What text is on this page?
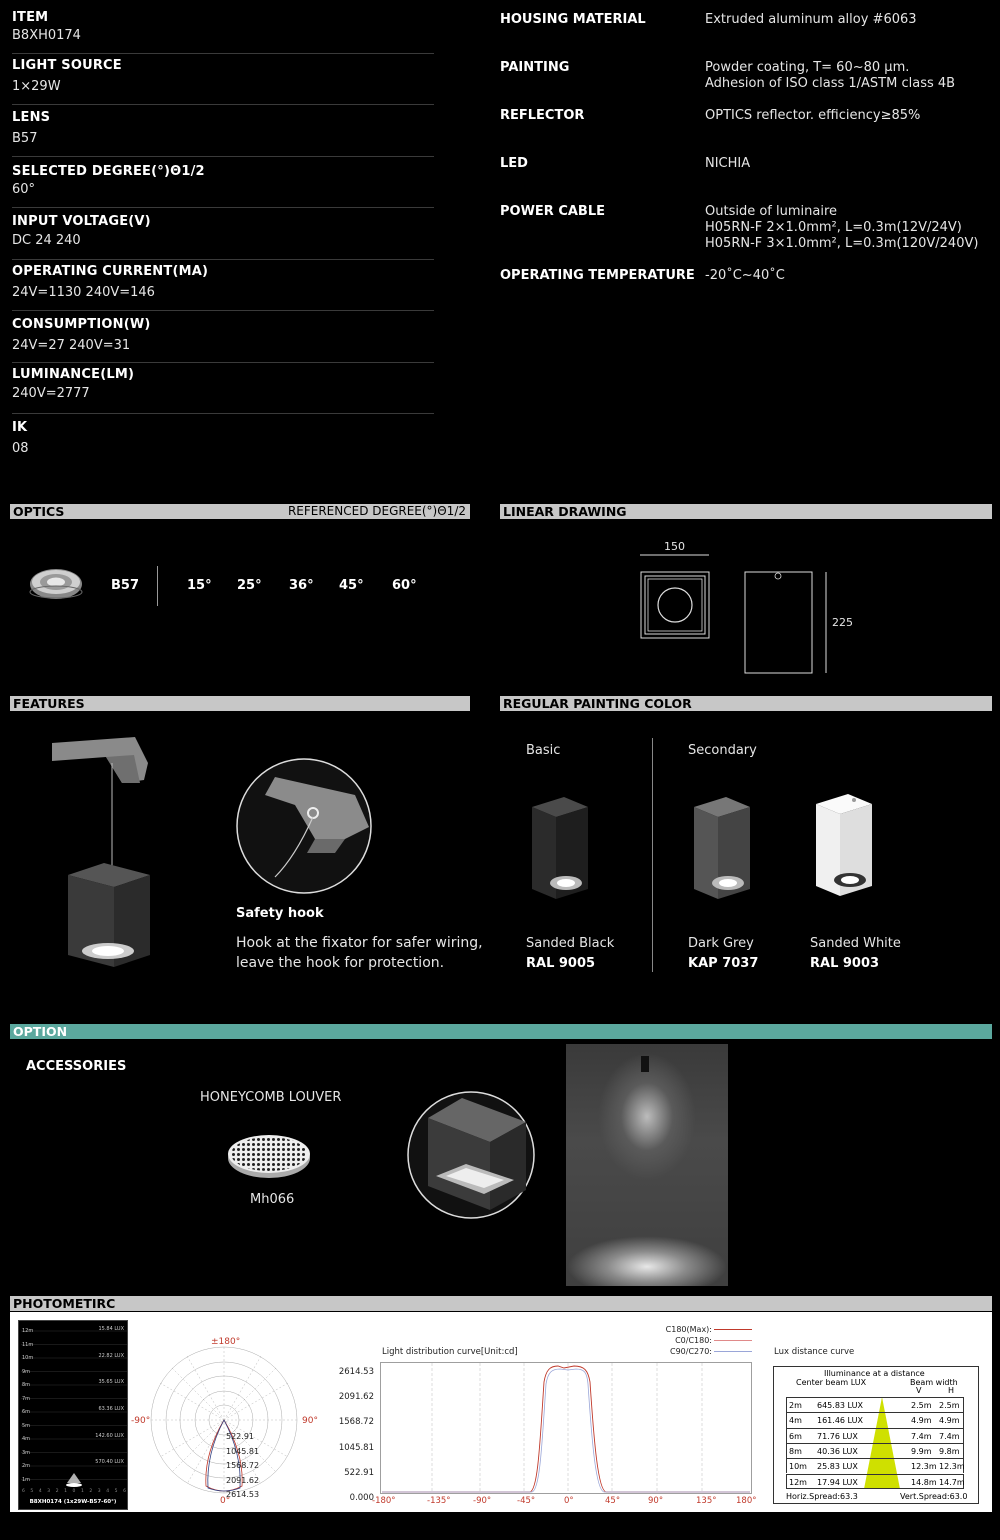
ITEM
B8XH0174
LIGHT SOURCE
1×29W
LENS
B57
SELECTED DEGREE(°)Θ1/2
60°
INPUT VOLTAGE(V)
DC 24 240
OPERATING CURRENT(MA)
24V=1130 240V=146
CONSUMPTION(W)
24V=27 240V=31
LUMINANCE(LM)
240V=2777
IK
08
HOUSING MATERIAL	Extruded aluminum alloy #6063
PAINTING	Powder coating, T= 60~80 μm.
Adhesion of ISO class 1/ASTM class 4B
REFLECTOR	OPTICS reflector. efficiency≥85%
LED	NICHIA
POWER CABLE	Outside of luminaire
H05RN-F 2×1.0mm², L=0.3m(12V/24V)
H05RN-F 3×1.0mm², L=0.3m(120V/240V)
OPERATING TEMPERATURE -20˚C~40˚C
OPTICS	REFERENCED DEGREE(°)Θ1/2
B57	15° 25° 36° 45° 60°
LINEAR DRAWING
150
225
FEATURES
Safety hook
Hook at the fixator for safer wiring,
leave the hook for protection.
REGULAR PAINTING COLOR
Basic	Secondary
Sanded Black
RAL 9005
Dark Grey
KAP 7037
Sanded White
RAL 9003
OPTION
ACCESSORIES
HONEYCOMB LOUVER
Mh066
PHOTOMETIRC
12m
11m
10m
9m
8m
7m
6m
5m
4m
3m
2m
1m
15.84 LUX
22.82 LUX
35.65 LUX
63.36 LUX
142.60 LUX
570.40 LUX
6 5 4 3 2 1 0 1 2 3 4 5 6
B8XH0174 (1x29W-B57-60°)
±180°
-90°	90°
0°
522.91
1045.81
1568.72
2091.62
2614.53
Light distribution curve[Unit:cd]
C180(Max):
C0/C180:
C90/C270:
2614.53
2091.62
1568.72
1045.81
522.91
0.000
-180°	-135°	-90°	-45°	0°	45°	90°	135° 180°
Lux distance curve
Illuminance at a distance
Center beam LUX	Beam width
V	H
2m 645.83 LUX	2.5m 2.5m
4m 161.46 LUX	4.9m 4.9m
6m 71.76 LUX	7.4m 7.4m
8m 40.36 LUX	9.9m 9.8m
10m 25.83 LUX	12.3m 12.3m
12m 17.94 LUX	14.8m 14.7m
Horiz.Spread:63.3	Vert.Spread:63.0
